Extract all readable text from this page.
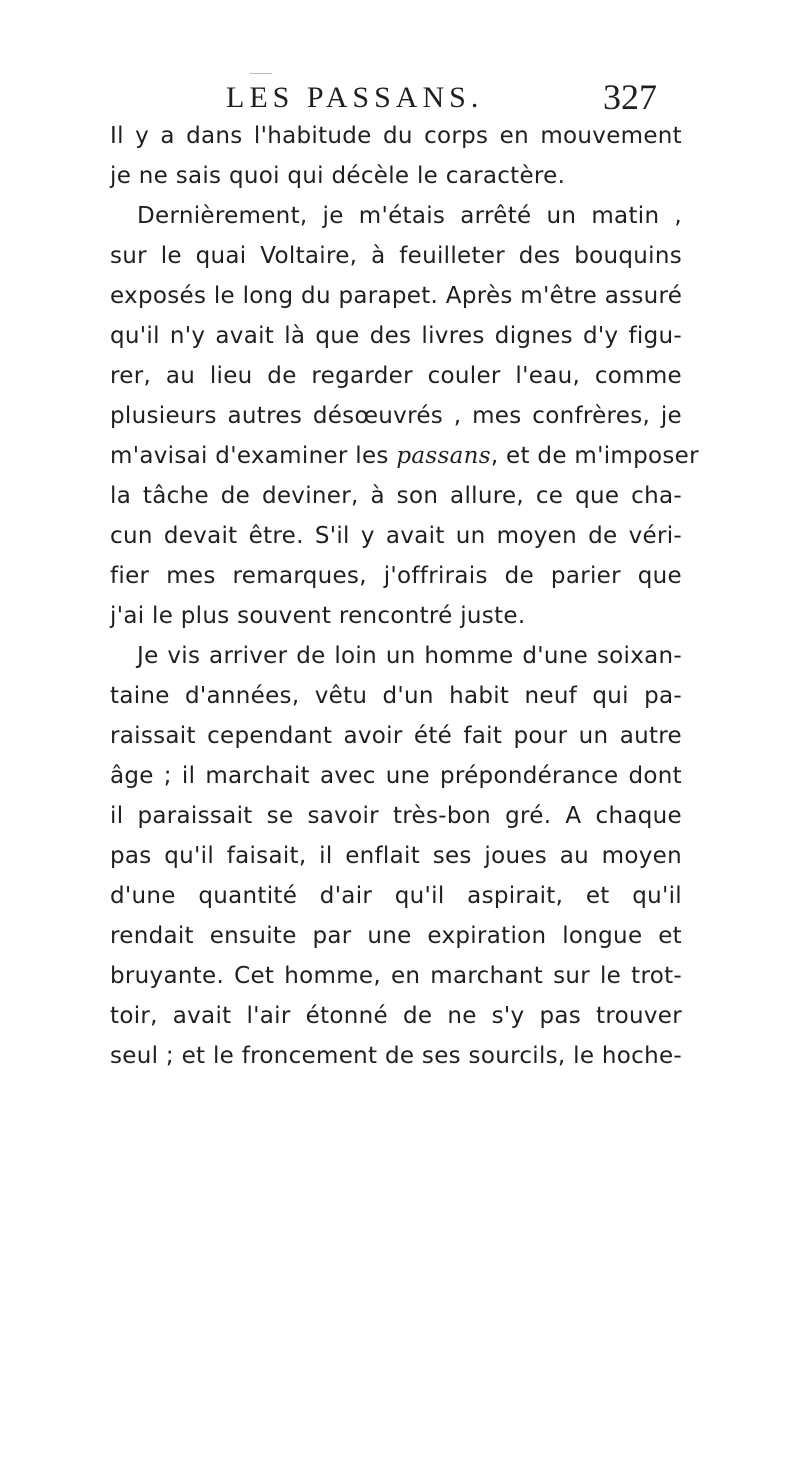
LES PASSANS.	327
Il y a dans l'habitude du corps en mouvement
je ne sais quoi qui décèle le caractère.
Dernièrement, je m'étais arrêté un matin ,
sur le quai Voltaire, à feuilleter des bouquins
exposés le long du parapet. Après m'être assuré
qu'il n'y avait là que des livres dignes d'y figu-
rer, au lieu de regarder couler l'eau, comme
plusieurs autres désœuvrés , mes confrères, je
m'avisai d'examiner les passans, et de m'imposer
la tâche de deviner, à son allure, ce que cha-
cun devait être. S'il y avait un moyen de véri-
fier mes remarques, j'offrirais de parier que
j'ai le plus souvent rencontré juste.
Je vis arriver de loin un homme d'une soixan-
taine d'années, vêtu d'un habit neuf qui pa-
raissait cependant avoir été fait pour un autre
âge ; il marchait avec une prépondérance dont
il paraissait se savoir très-bon gré. A chaque
pas qu'il faisait, il enflait ses joues au moyen
d'une quantité d'air qu'il aspirait, et qu'il
rendait ensuite par une expiration longue et
bruyante. Cet homme, en marchant sur le trot-
toir, avait l'air étonné de ne s'y pas trouver
seul ; et le froncement de ses sourcils, le hoche-
